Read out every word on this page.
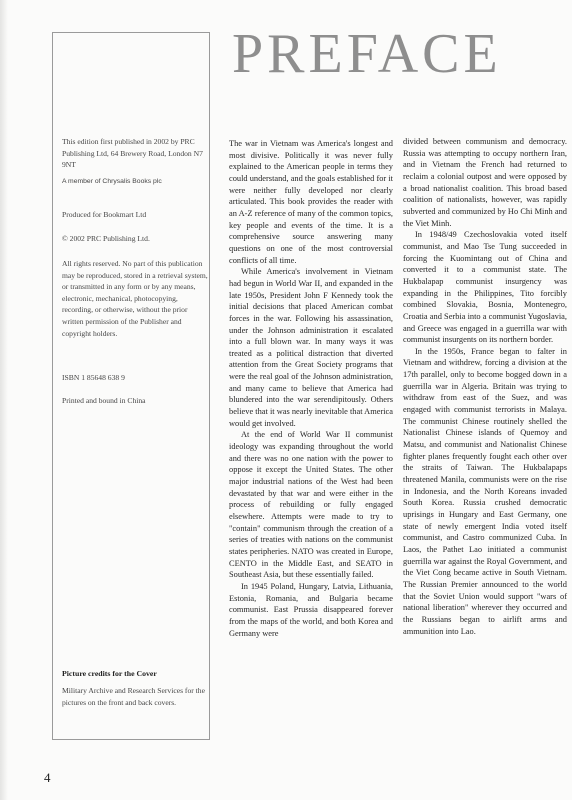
PREFACE

This edition first published in 2002 by PRC Publishing Ltd, 64 Brewery Road, London N7 9NT

A member of Chrysalis Books plc

Produced for Bookmart Ltd

© 2002 PRC Publishing Ltd.

All rights reserved. No part of this publication may be reproduced, stored in a retrieval system, or transmitted in any form or by any means, electronic, mechanical, photocopying, recording, or otherwise, without the prior written permission of the Publisher and copyright holders.

ISBN 1 85648 638 9

Printed and bound in China

Picture credits for the Cover

Military Archive and Research Services for the pictures on the front and back covers.

The war in Vietnam was America's longest and most divisive. Politically it was never fully explained to the American people in terms they could understand, and the goals established for it were neither fully developed nor clearly articulated. This book provides the reader with an A-Z reference of many of the common topics, key people and events of the time. It is a comprehensive source answering many questions on one of the most controversial conflicts of all time.

While America's involvement in Vietnam had begun in World War II, and expanded in the late 1950s, President John F Kennedy took the initial decisions that placed American combat forces in the war. Following his assassination, under the Johnson administration it escalated into a full blown war. In many ways it was treated as a political distraction that diverted attention from the Great Society programs that were the real goal of the Johnson administration, and many came to believe that America had blundered into the war serendipitously. Others believe that it was nearly inevitable that America would get involved.

At the end of World War II communist ideology was expanding throughout the world and there was no one nation with the power to oppose it except the United States. The other major industrial nations of the West had been devastated by that war and were either in the process of rebuilding or fully engaged elsewhere. Attempts were made to try to "contain" communism through the creation of a series of treaties with nations on the communist states peripheries. NATO was created in Europe, CENTO in the Middle East, and SEATO in Southeast Asia, but these essentially failed.

In 1945 Poland, Hungary, Latvia, Lithuania, Estonia, Romania, and Bulgaria became communist. East Prussia disappeared forever from the maps of the world, and both Korea and Germany were

divided between communism and democracy. Russia was attempting to occupy northern Iran, and in Vietnam the French had returned to reclaim a colonial outpost and were opposed by a broad nationalist coalition. This broad based coalition of nationalists, however, was rapidly subverted and communized by Ho Chi Minh and the Viet Minh.

In 1948/49 Czechoslovakia voted itself communist, and Mao Tse Tung succeeded in forcing the Kuomintang out of China and converted it to a communist state. The Hukbalapap communist insurgency was expanding in the Philippines, Tito forcibly combined Slovakia, Bosnia, Montenegro, Croatia and Serbia into a communist Yugoslavia, and Greece was engaged in a guerrilla war with communist insurgents on its northern border.

In the 1950s, France began to falter in Vietnam and withdrew, forcing a division at the 17th parallel, only to become bogged down in a guerrilla war in Algeria. Britain was trying to withdraw from east of the Suez, and was engaged with communist terrorists in Malaya. The communist Chinese routinely shelled the Nationalist Chinese islands of Quemoy and Matsu, and communist and Nationalist Chinese fighter planes frequently fought each other over the straits of Taiwan. The Hukbalapaps threatened Manila, communists were on the rise in Indonesia, and the North Koreans invaded South Korea. Russia crushed democratic uprisings in Hungary and East Germany, one state of newly emergent India voted itself communist, and Castro communized Cuba. In Laos, the Pathet Lao initiated a communist guerrilla war against the Royal Government, and the Viet Cong became active in South Vietnam. The Russian Premier announced to the world that the Soviet Union would support "wars of national liberation" wherever they occurred and the Russians began to airlift arms and ammunition into Lao.

4
